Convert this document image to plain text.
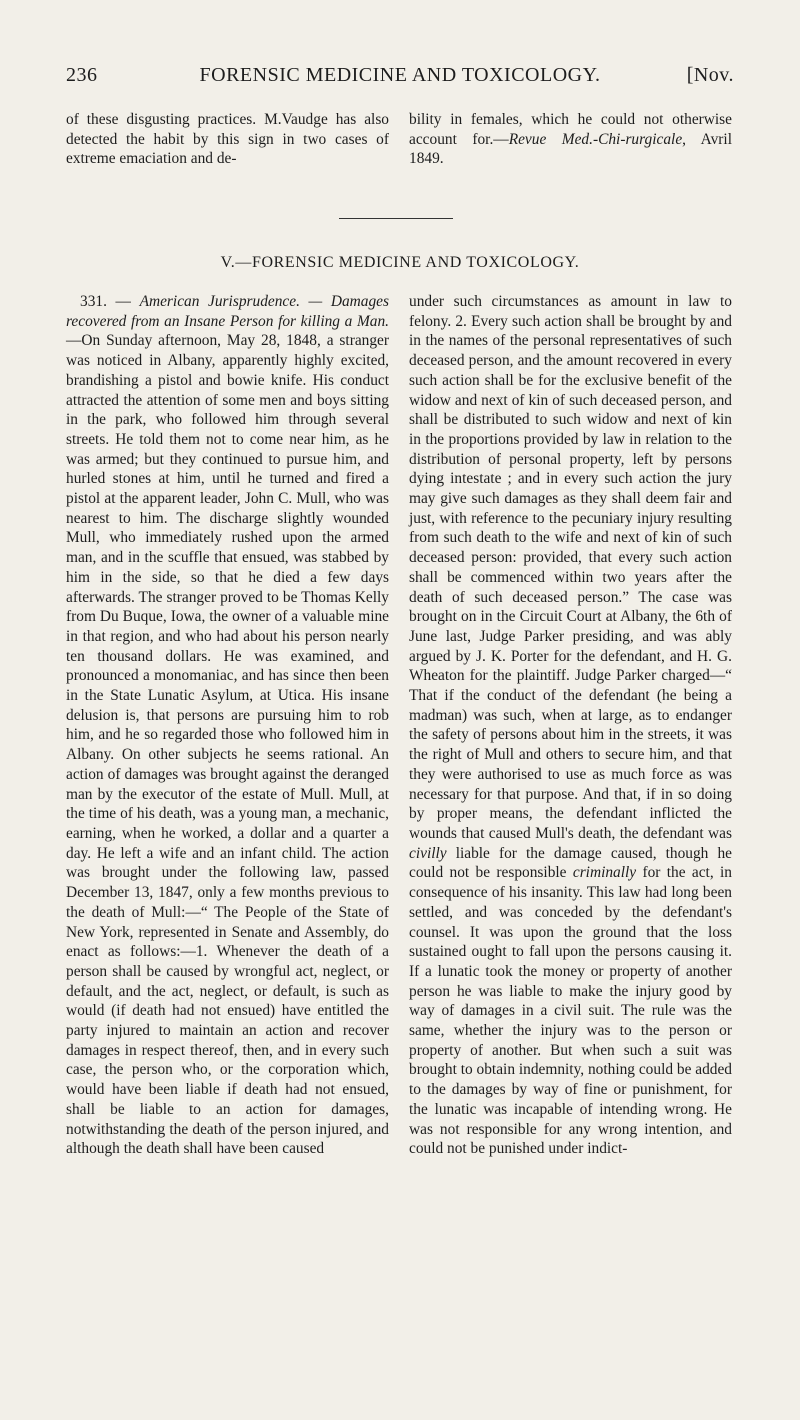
236	FORENSIC MEDICINE AND TOXICOLOGY.	[Nov.

of these disgusting practices. M.Vaudge has also detected the habit by this sign in two cases of extreme emaciation and de-

bility in females, which he could not otherwise account for.—Revue Med.-Chi-rurgicale, Avril 1849.

V.—FORENSIC MEDICINE AND TOXICOLOGY.

331. — American Jurisprudence. — Damages recovered from an Insane Person for killing a Man.—On Sunday afternoon, May 28, 1848, a stranger was noticed in Albany, apparently highly excited, brandishing a pistol and bowie knife. His conduct attracted the attention of some men and boys sitting in the park, who followed him through several streets. He told them not to come near him, as he was armed; but they continued to pursue him, and hurled stones at him, until he turned and fired a pistol at the apparent leader, John C. Mull, who was nearest to him. The discharge slightly wounded Mull, who immediately rushed upon the armed man, and in the scuffle that ensued, was stabbed by him in the side, so that he died a few days afterwards. The stranger proved to be Thomas Kelly from Du Buque, Iowa, the owner of a valuable mine in that region, and who had about his person nearly ten thousand dollars. He was examined, and pronounced a monomaniac, and has since then been in the State Lunatic Asylum, at Utica. His insane delusion is, that persons are pursuing him to rob him, and he so regarded those who followed him in Albany. On other subjects he seems rational. An action of damages was brought against the deranged man by the executor of the estate of Mull. Mull, at the time of his death, was a young man, a mechanic, earning, when he worked, a dollar and a quarter a day. He left a wife and an infant child. The action was brought under the following law, passed December 13, 1847, only a few months previous to the death of Mull:—“ The People of the State of New York, represented in Senate and Assembly, do enact as follows:—1. Whenever the death of a person shall be caused by wrongful act, neglect, or default, and the act, neglect, or default, is such as would (if death had not ensued) have entitled the party injured to maintain an action and recover damages in respect thereof, then, and in every such case, the person who, or the corporation which, would have been liable if death had not ensued, shall be liable to an action for damages, notwithstanding the death of the person injured, and although the death shall have been caused

under such circumstances as amount in law to felony. 2. Every such action shall be brought by and in the names of the personal representatives of such deceased person, and the amount recovered in every such action shall be for the exclusive benefit of the widow and next of kin of such deceased person, and shall be distributed to such widow and next of kin in the proportions provided by law in relation to the distribution of personal property, left by persons dying intestate ; and in every such action the jury may give such damages as they shall deem fair and just, with reference to the pecuniary injury resulting from such death to the wife and next of kin of such deceased person: provided, that every such action shall be commenced within two years after the death of such deceased person.” The case was brought on in the Circuit Court at Albany, the 6th of June last, Judge Parker presiding, and was ably argued by J. K. Porter for the defendant, and H. G. Wheaton for the plaintiff. Judge Parker charged—“ That if the conduct of the defendant (he being a madman) was such, when at large, as to endanger the safety of persons about him in the streets, it was the right of Mull and others to secure him, and that they were authorised to use as much force as was necessary for that purpose. And that, if in so doing by proper means, the defendant inflicted the wounds that caused Mull's death, the defendant was civilly liable for the damage caused, though he could not be responsible criminally for the act, in consequence of his insanity. This law had long been settled, and was conceded by the defendant's counsel. It was upon the ground that the loss sustained ought to fall upon the persons causing it. If a lunatic took the money or property of another person he was liable to make the injury good by way of damages in a civil suit. The rule was the same, whether the injury was to the person or property of another. But when such a suit was brought to obtain indemnity, nothing could be added to the damages by way of fine or punishment, for the lunatic was incapable of intending wrong. He was not responsible for any wrong intention, and could not be punished under indict-
